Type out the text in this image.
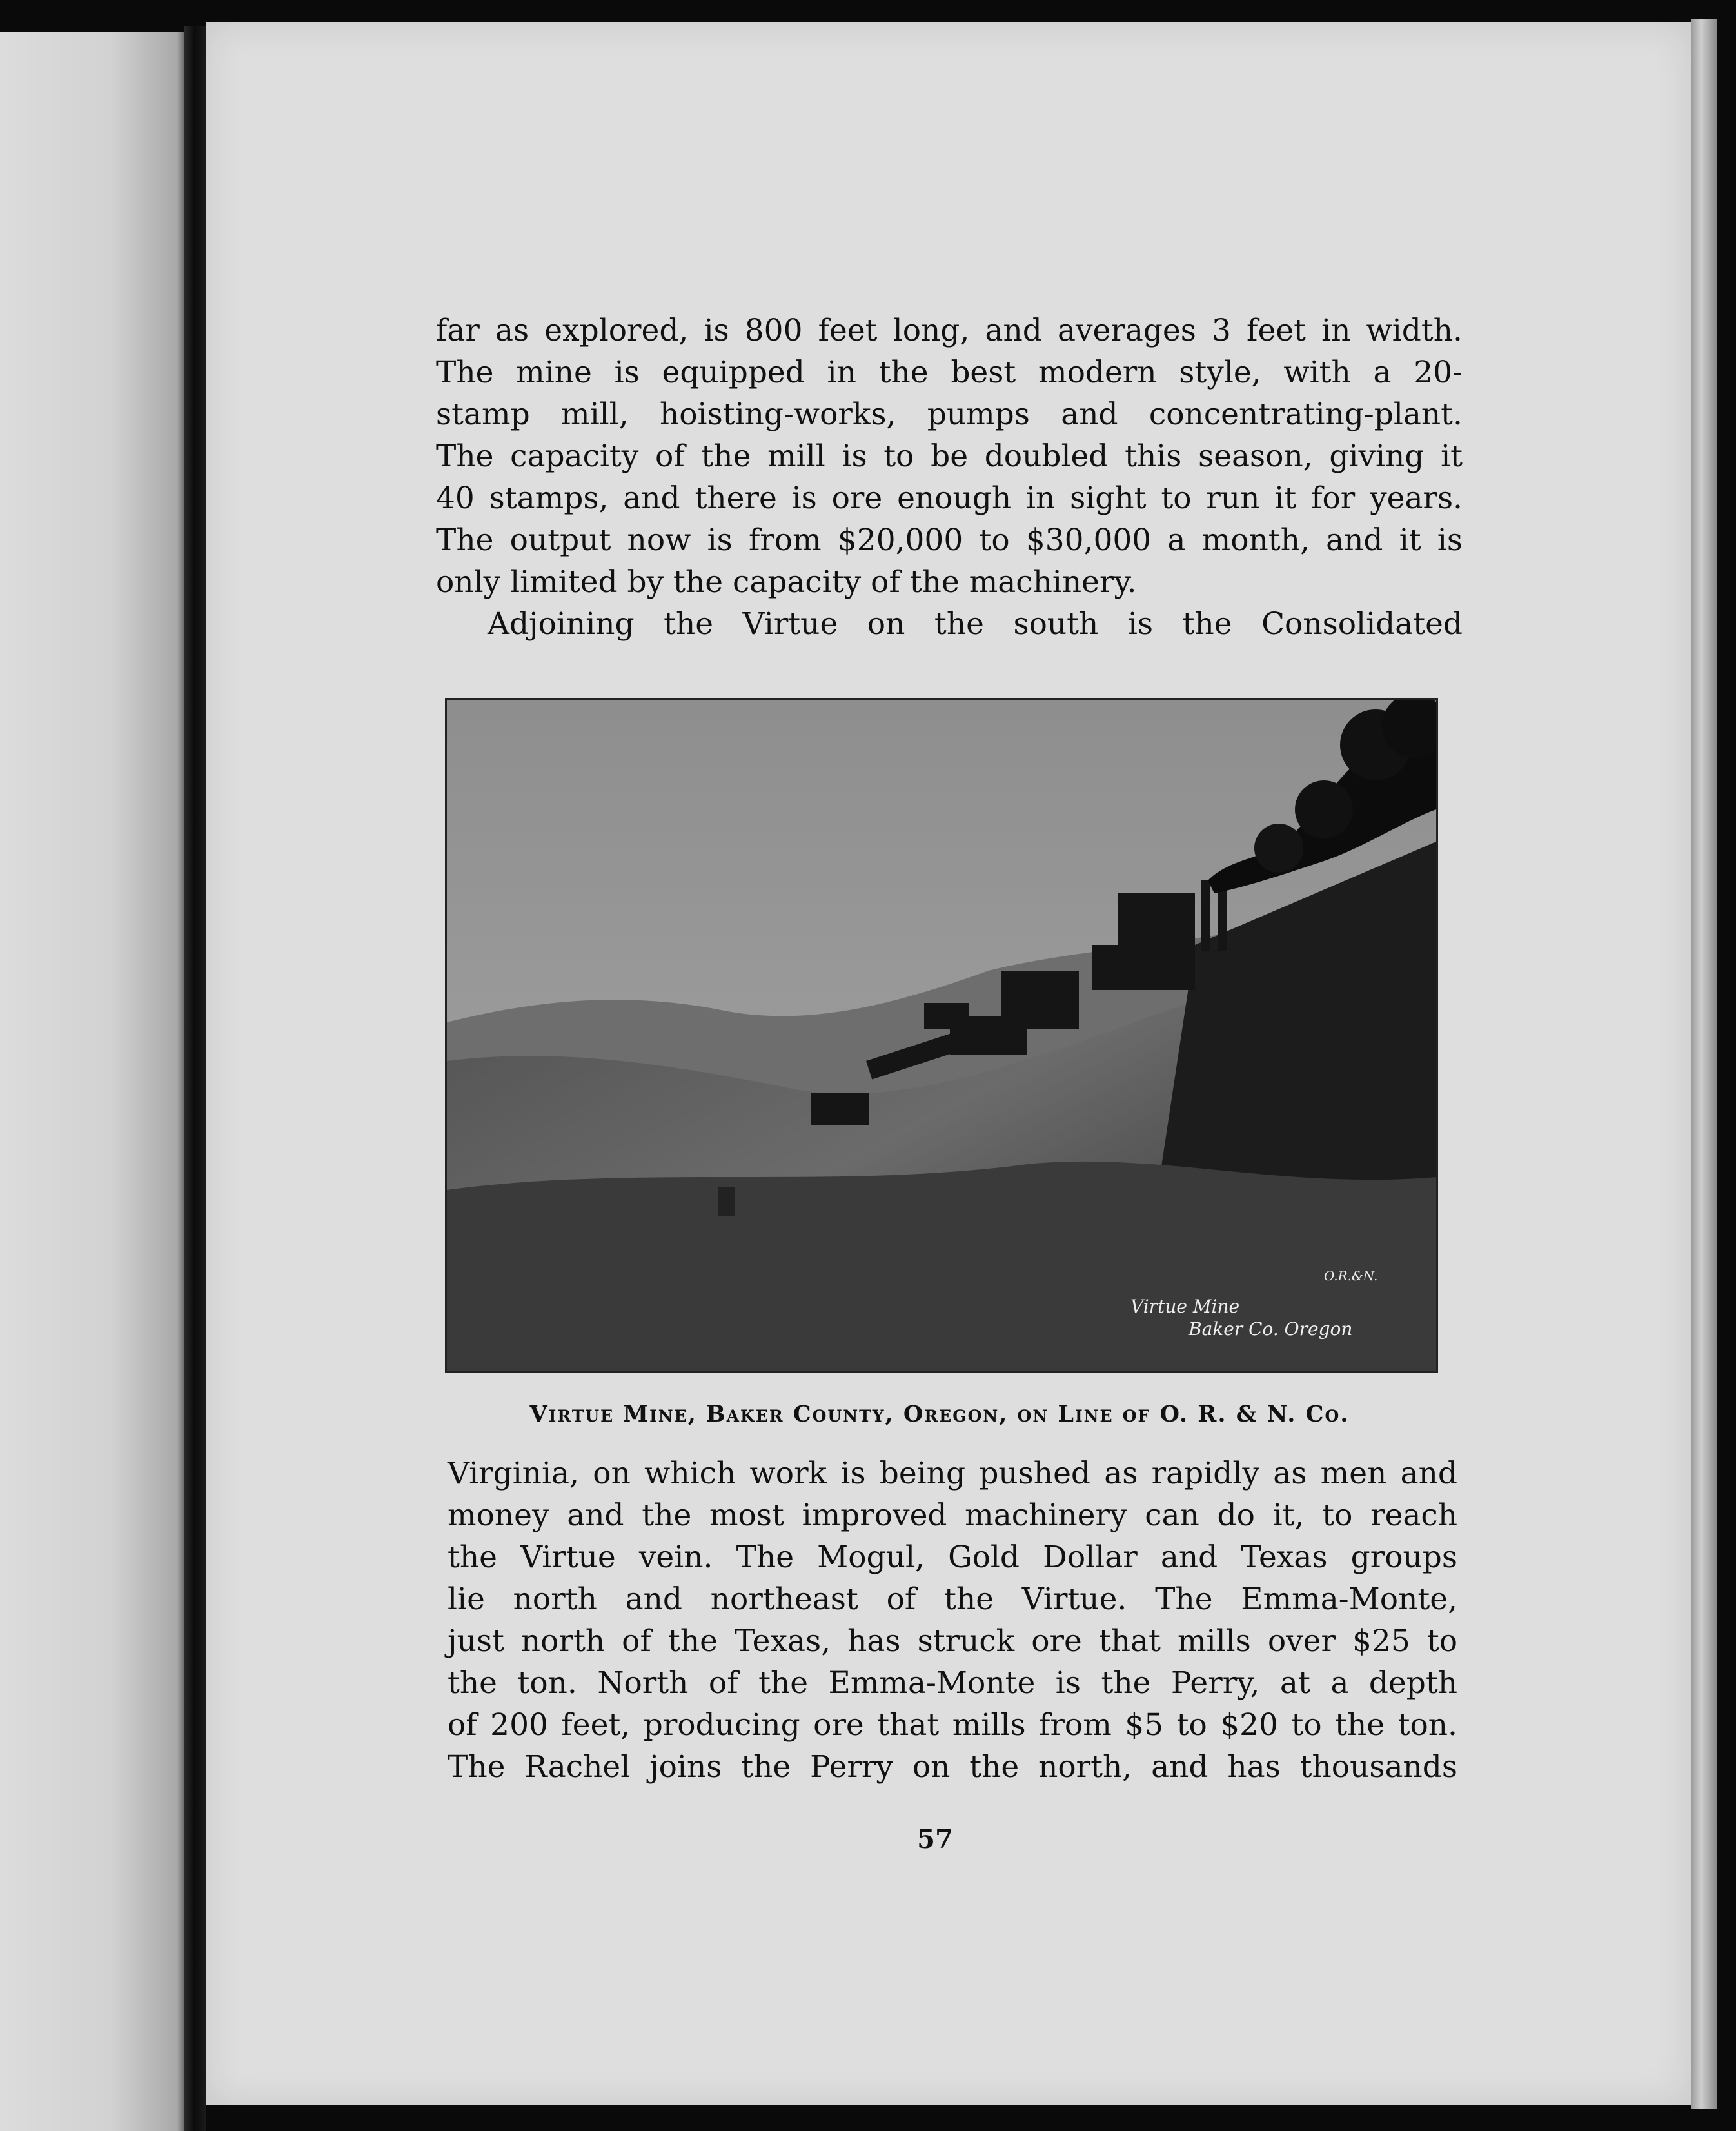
far as explored, is 800 feet long, and averages 3 feet in width.
The mine is equipped in the best modern style, with a 20-
stamp mill, hoisting-works, pumps and concentrating-plant.
The capacity of the mill is to be doubled this season, giving it
40 stamps, and there is ore enough in sight to run it for years.
The output now is from $20,000 to $30,000 a month, and it is
only limited by the capacity of the machinery.
Adjoining the Virtue on the south is the Consolidated
Virtue Mine
Baker Co. Oregon
O.R.&N.
Virtue Mine, Baker County, Oregon, on Line of O. R. & N. Co.
Virginia, on which work is being pushed as rapidly as men and
money and the most improved machinery can do it, to reach
the Virtue vein. The Mogul, Gold Dollar and Texas groups
lie north and northeast of the Virtue. The Emma-Monte,
just north of the Texas, has struck ore that mills over $25 to
the ton. North of the Emma-Monte is the Perry, at a depth
of 200 feet, producing ore that mills from $5 to $20 to the ton.
The Rachel joins the Perry on the north, and has thousands
57
